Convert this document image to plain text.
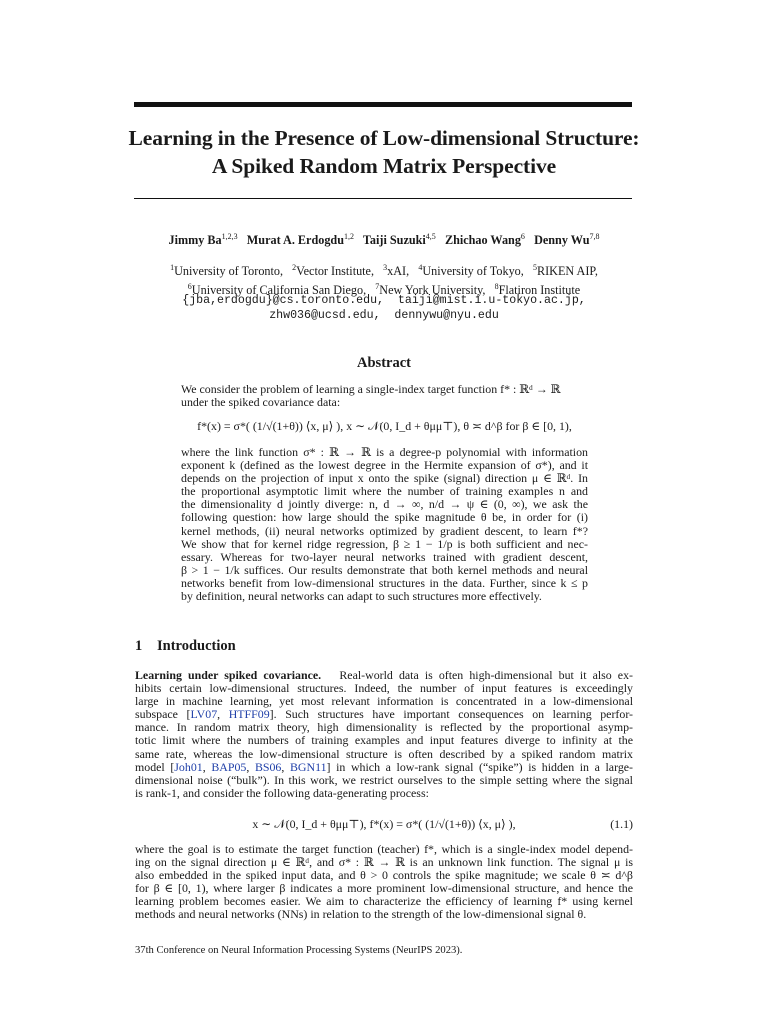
Learning in the Presence of Low-dimensional Structure:
A Spiked Random Matrix Perspective
Jimmy Ba$^{1,2,3}$ Murat A. Erdogdu$^{1,2}$ Taiji Suzuki$^{4,5}$ Zhichao Wang$^6$ Denny Wu$^{7,8}$
$^1$University of Toronto, $^2$Vector Institute, $^3$xAI, $^4$University of Tokyo, $^5$RIKEN AIP,
$^6$University of California San Diego, $^7$New York University, $^8$Flatiron Institute
{jba,erdogdu}@cs.toronto.edu,  taiji@mist.i.u-tokyo.ac.jp,
zhw036@ucsd.edu,  dennywu@nyu.edu
Abstract
We consider the problem of learning a single-index target function f* : ℝᵈ → ℝ
under the spiked covariance data:
f*(x) = σ*( (1/√(1+θ)) ⟨x, μ⟩ ), x ∼ 𝒩(0, I_d + θμμ⊤), θ ≍ d^β for β ∈ [0, 1),
where the link function σ* : ℝ → ℝ is a degree-p polynomial with information
exponent k (defined as the lowest degree in the Hermite expansion of σ*), and it
depends on the projection of input x onto the spike (signal) direction μ ∈ ℝᵈ. In
the proportional asymptotic limit where the number of training examples n and
the dimensionality d jointly diverge: n, d → ∞, n/d → ψ ∈ (0, ∞), we ask the
following question: how large should the spike magnitude θ be, in order for (i)
kernel methods, (ii) neural networks optimized by gradient descent, to learn f*?
We show that for kernel ridge regression, β ≥ 1 − 1/p is both sufficient and nec-
essary. Whereas for two-layer neural networks trained with gradient descent,
β > 1 − 1/k suffices. Our results demonstrate that both kernel methods and neural
networks benefit from low-dimensional structures in the data. Further, since k ≤ p
by definition, neural networks can adapt to such structures more effectively.
1 Introduction
Learning under spiked covariance. Real-world data is often high-dimensional but it also ex-
hibits certain low-dimensional structures. Indeed, the number of input features is exceedingly
large in machine learning, yet most relevant information is concentrated in a low-dimensional
subspace [LV07, HTFF09]. Such structures have important consequences on learning perfor-
mance. In random matrix theory, high dimensionality is reflected by the proportional asymp-
totic limit where the numbers of training examples and input features diverge to infinity at the
same rate, whereas the low-dimensional structure is often described by a spiked random matrix
model [Joh01, BAP05, BS06, BGN11] in which a low-rank signal (“spike”) is hidden in a large-
dimensional noise (“bulk”). In this work, we restrict ourselves to the simple setting where the signal
is rank-1, and consider the following data-generating process:
x ∼ 𝒩(0, I_d + θμμ⊤), f*(x) = σ*( (1/√(1+θ)) ⟨x, μ⟩ ),	(1.1)
where the goal is to estimate the target function (teacher) f*, which is a single-index model depend-
ing on the signal direction μ ∈ ℝᵈ, and σ* : ℝ → ℝ is an unknown link function. The signal μ is
also embedded in the spiked input data, and θ > 0 controls the spike magnitude; we scale θ ≍ d^β
for β ∈ [0, 1), where larger β indicates a more prominent low-dimensional structure, and hence the
learning problem becomes easier. We aim to characterize the efficiency of learning f* using kernel
methods and neural networks (NNs) in relation to the strength of the low-dimensional signal θ.
37th Conference on Neural Information Processing Systems (NeurIPS 2023).
